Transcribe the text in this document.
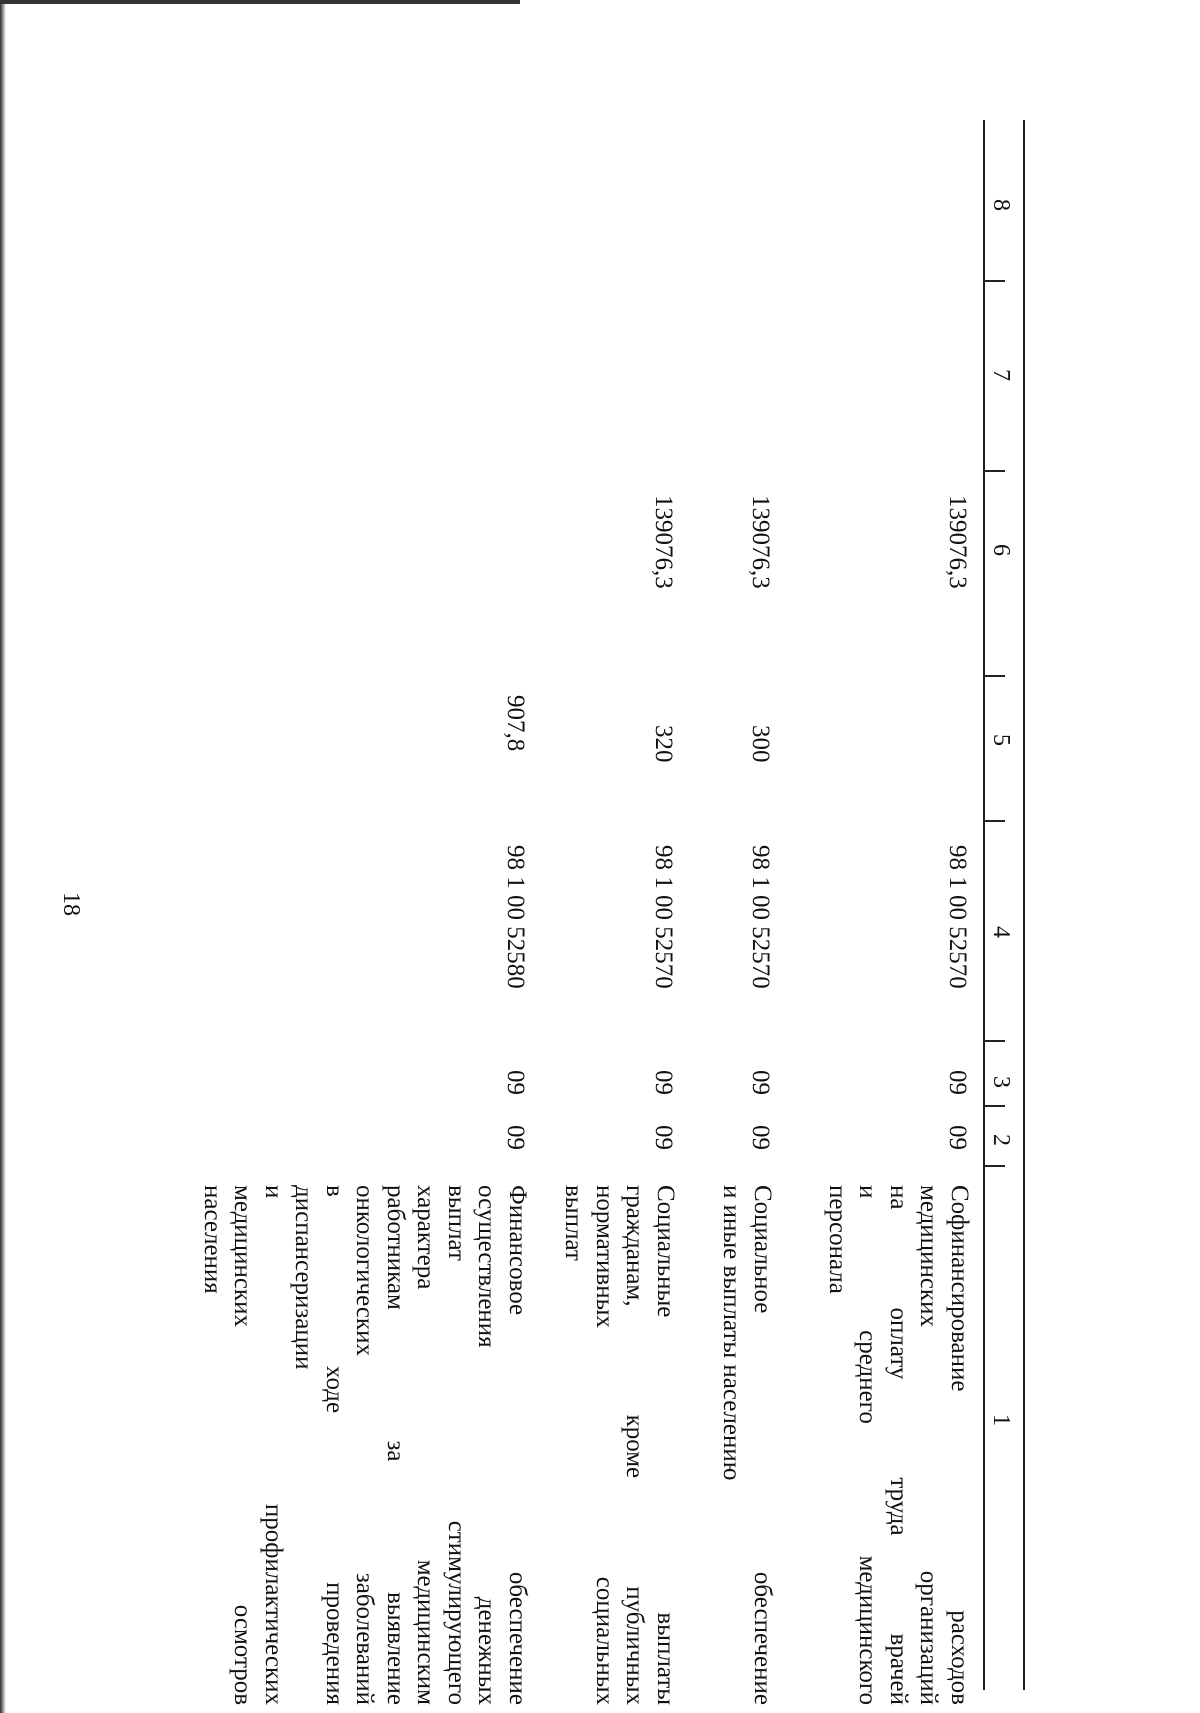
18
8
7
6
5
4
3
2
1
139076,3
98 1 00 52570
09
09
139076,3
300
98 1 00 52570
09
09
139076,3
320
98 1 00 52570
09
09
907,8
98 1 00 52580
09
09
Софинансирование расходов
медицинских организаций
на оплату труда врачей
и среднего медицинского
персонала
Социальное обеспечение
и иные выплаты населению
Социальные выплаты
гражданам, кроме публичных
нормативных социальных
выплат
Финансовое обеспечение
осуществления денежных
выплат стимулирующего
характера медицинским
работникам за выявление
онкологических заболеваний
в ходе проведения
диспансеризации
и профилактических
медицинских осмотров
населения
